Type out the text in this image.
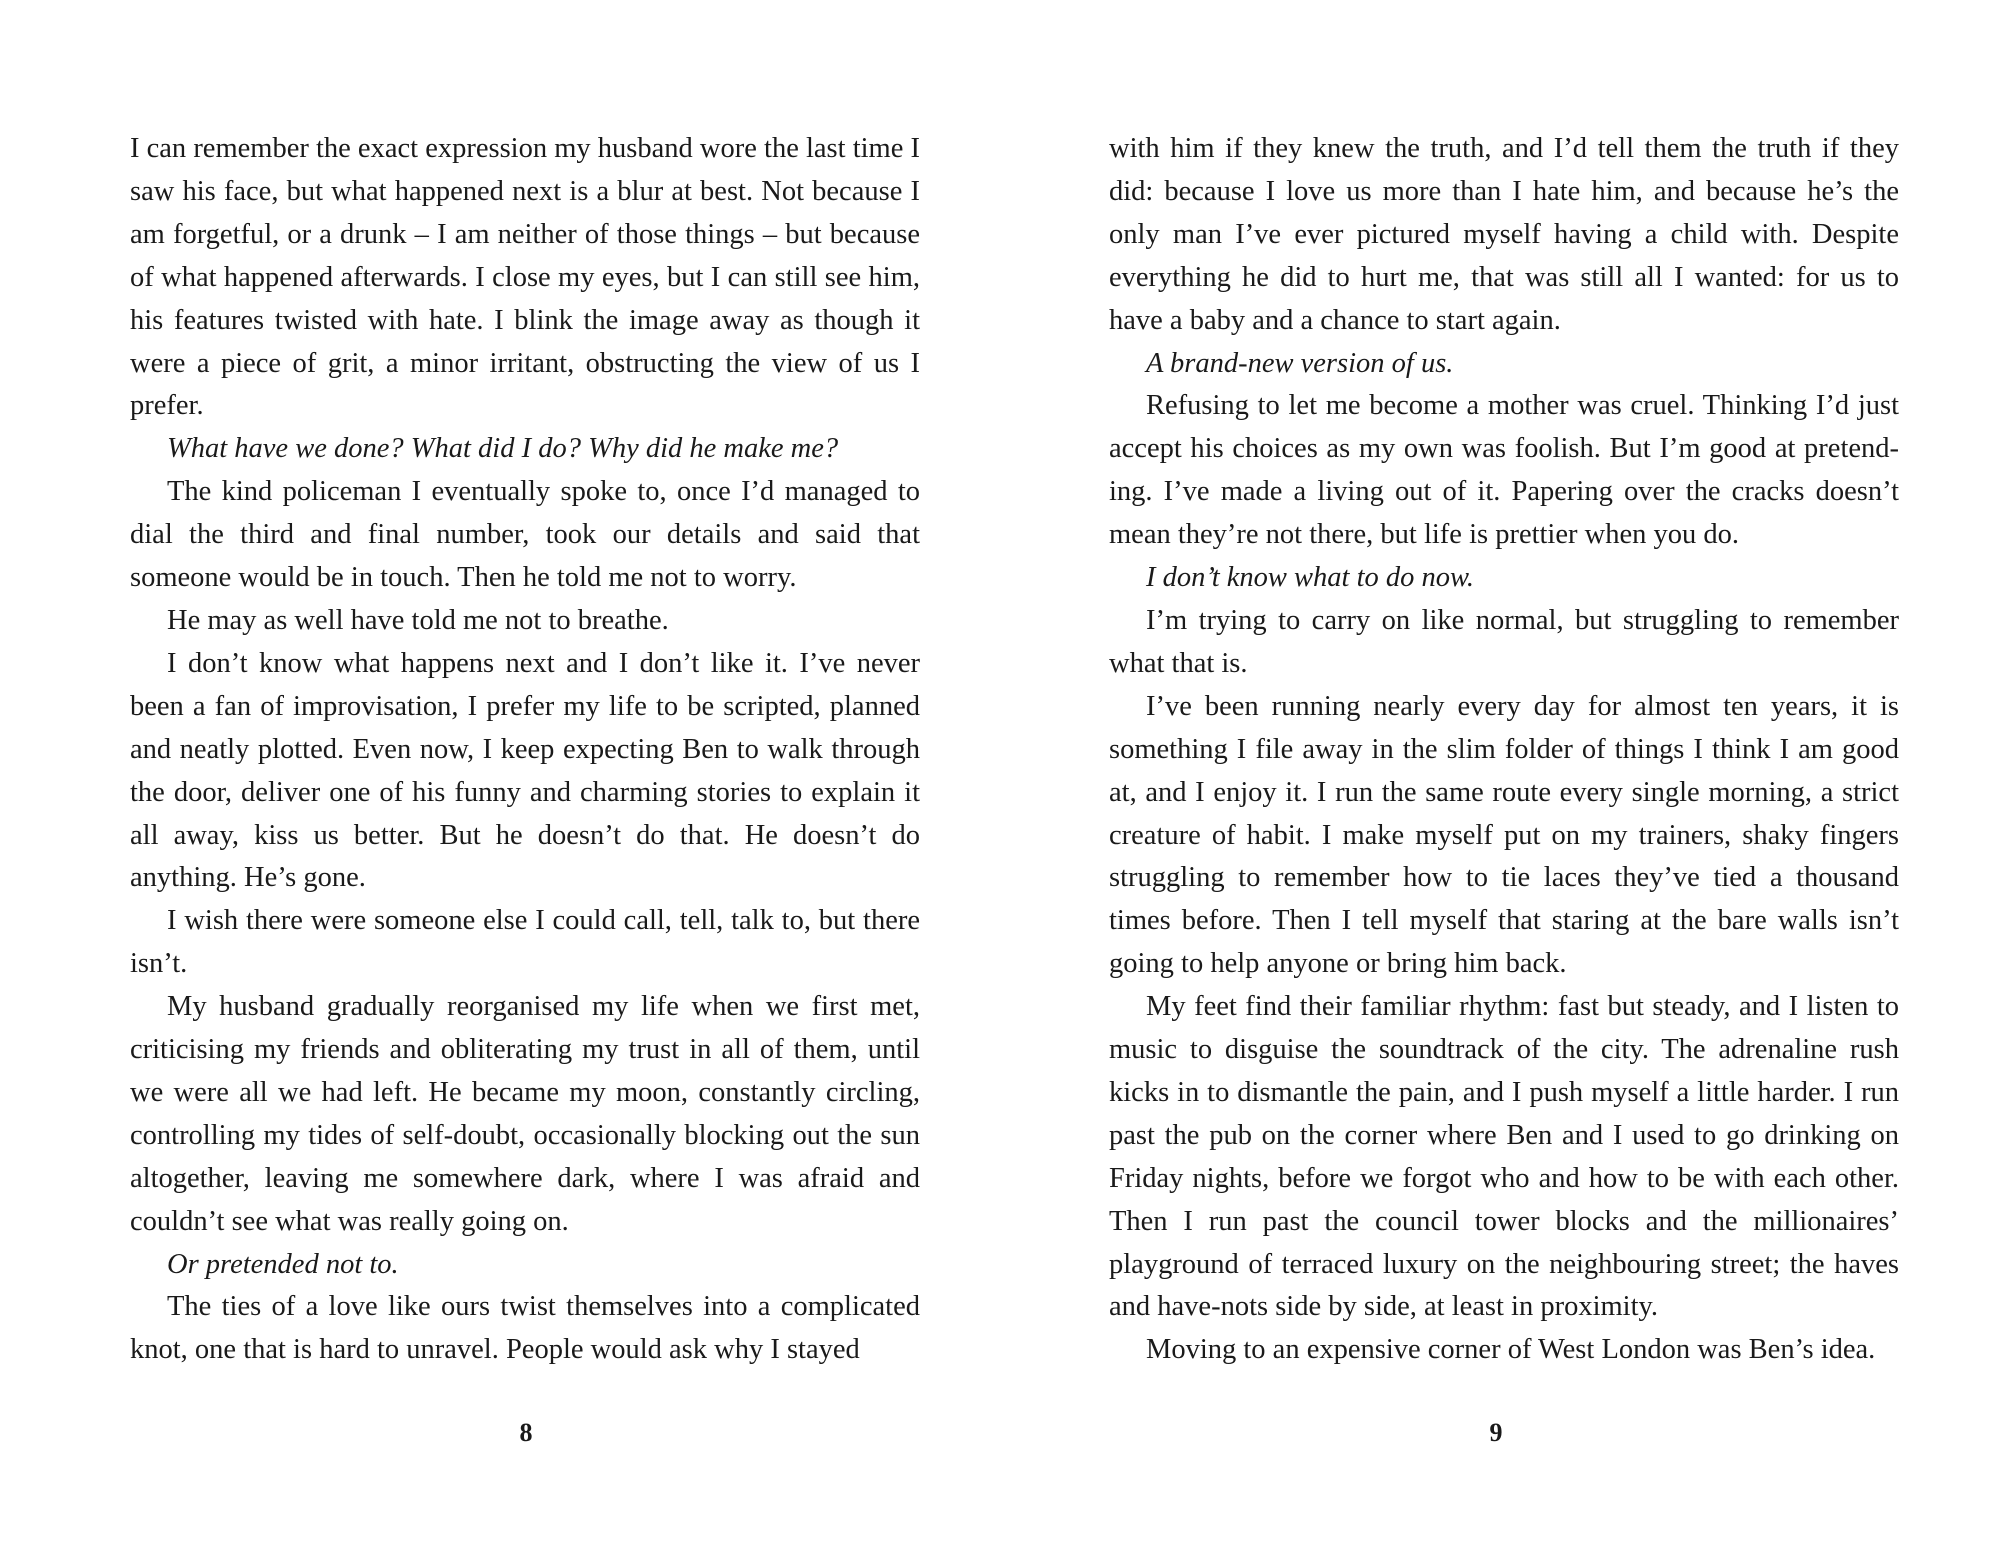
I can remember the exact expression my husband wore the last time I saw his face, but what happened next is a blur at best. Not because I am forgetful, or a drunk – I am neither of those things – but because of what happened afterwards. I close my eyes, but I can still see him, his features twisted with hate. I blink the image away as though it were a piece of grit, a minor irritant, obstructing the view of us I prefer.

What have we done? What did I do? Why did he make me?

The kind policeman I eventually spoke to, once I’d managed to dial the third and final number, took our details and said that someone would be in touch. Then he told me not to worry.

He may as well have told me not to breathe.

I don’t know what happens next and I don’t like it. I’ve never been a fan of improvisation, I prefer my life to be scripted, planned and neatly plotted. Even now, I keep expecting Ben to walk through the door, deliver one of his funny and charming stories to explain it all away, kiss us better. But he doesn’t do that. He doesn’t do anything. He’s gone.

I wish there were someone else I could call, tell, talk to, but there isn’t.

My husband gradually reorganised my life when we first met, criticising my friends and obliterating my trust in all of them, until we were all we had left. He became my moon, constantly circling, controlling my tides of self-doubt, occasionally blocking out the sun altogether, leaving me somewhere dark, where I was afraid and couldn’t see what was really going on.

Or pretended not to.

The ties of a love like ours twist themselves into a complicated knot, one that is hard to unravel. People would ask why I stayed

with him if they knew the truth, and I’d tell them the truth if they did: because I love us more than I hate him, and because he’s the only man I’ve ever pictured myself having a child with. Despite everything he did to hurt me, that was still all I wanted: for us to have a baby and a chance to start again.

A brand-new version of us.

Refusing to let me become a mother was cruel. Thinking I’d just accept his choices as my own was foolish. But I’m good at pretend-ing. I’ve made a living out of it. Papering over the cracks doesn’t mean they’re not there, but life is prettier when you do.

I don’t know what to do now.

I’m trying to carry on like normal, but struggling to remember what that is.

I’ve been running nearly every day for almost ten years, it is something I file away in the slim folder of things I think I am good at, and I enjoy it. I run the same route every single morning, a strict creature of habit. I make myself put on my trainers, shaky fingers struggling to remember how to tie laces they’ve tied a thousand times before. Then I tell myself that staring at the bare walls isn’t going to help anyone or bring him back.

My feet find their familiar rhythm: fast but steady, and I listen to music to disguise the soundtrack of the city. The adrenaline rush kicks in to dismantle the pain, and I push myself a little harder. I run past the pub on the corner where Ben and I used to go drinking on Friday nights, before we forgot who and how to be with each other. Then I run past the council tower blocks and the millionaires’ playground of terraced luxury on the neighbouring street; the haves and have-nots side by side, at least in proximity.

Moving to an expensive corner of West London was Ben’s idea.

8	9
